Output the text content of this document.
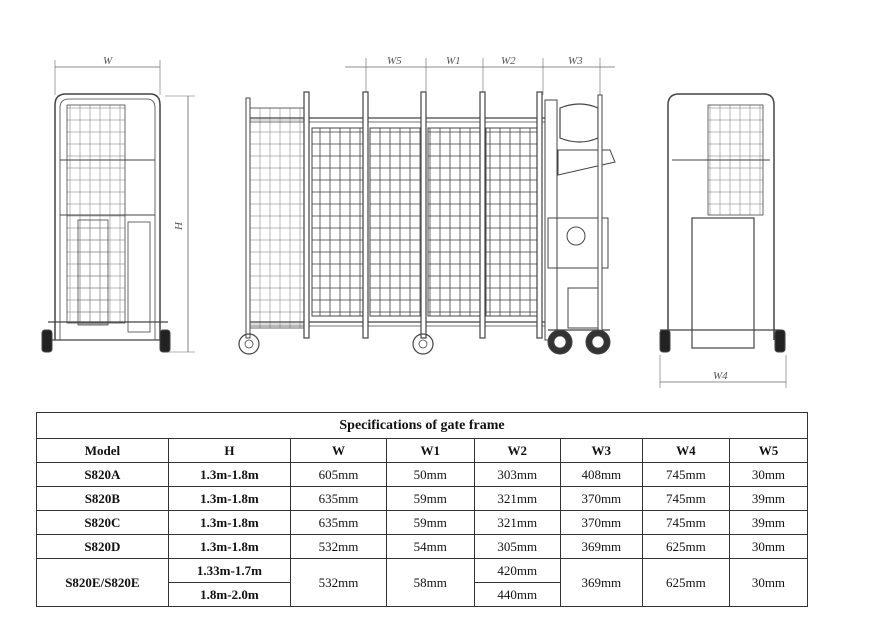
W
H
W5	W1	W2	W3
W4
Specifications of gate frame							
Model	H	W	W1	W2	W3	W4	W5
S820A	1.3m-1.8m	605mm	50mm	303mm	408mm	745mm	30mm
S820B	1.3m-1.8m	635mm	59mm	321mm	370mm	745mm	39mm
S820C	1.3m-1.8m	635mm	59mm	321mm	370mm	745mm	39mm
S820D	1.3m-1.8m	532mm	54mm	305mm	369mm	625mm	30mm
S820E/S820E	1.33m-1.7m	532mm	58mm	420mm	369mm	625mm	30mm
	1.8m-2.0m			440mm			
